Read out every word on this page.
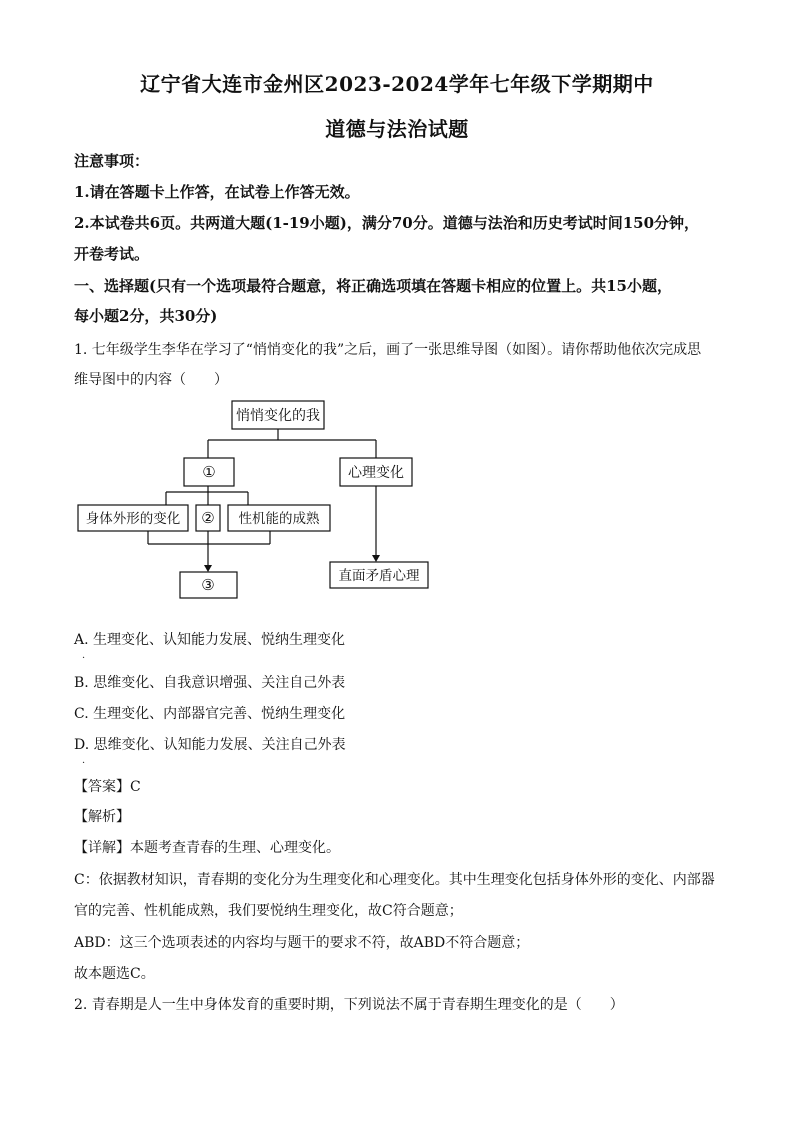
辽宁省大连市金州区2023-2024学年七年级下学期期中
道德与法治试题
注意事项：
1.请在答题卡上作答，在试卷上作答无效。
2.本试卷共6页。共两道大题(1-19小题)，满分70分。道德与法治和历史考试时间150分钟，
开卷考试。
一、选择题(只有一个选项最符合题意，将正确选项填在答题卡相应的位置上。共15小题，
每小题2分，共30分)
1. 七年级学生李华在学习了“悄悄变化的我”之后，画了一张思维导图（如图）。请你帮助他依次完成思
维导图中的内容（　　）
悄悄变化的我
①	心理变化
身体外形的变化 ② 性机能的成熟
③	直面矛盾心理
A. 生理变化、认知能力发展、悦纳生理变化
．
B. 思维变化、自我意识增强、关注自己外表
C. 生理变化、内部器官完善、悦纳生理变化
D. 思维变化、认知能力发展、关注自己外表
．
【答案】C
【解析】
【详解】本题考查青春的生理、心理变化。
C：依据教材知识，青春期的变化分为生理变化和心理变化。其中生理变化包括身体外形的变化、内部器
官的完善、性机能成熟，我们要悦纳生理变化，故C符合题意；
ABD：这三个选项表述的内容均与题干的要求不符，故ABD不符合题意；
故本题选C。
2. 青春期是人一生中身体发育的重要时期，下列说法不属于青春期生理变化的是（　　）
